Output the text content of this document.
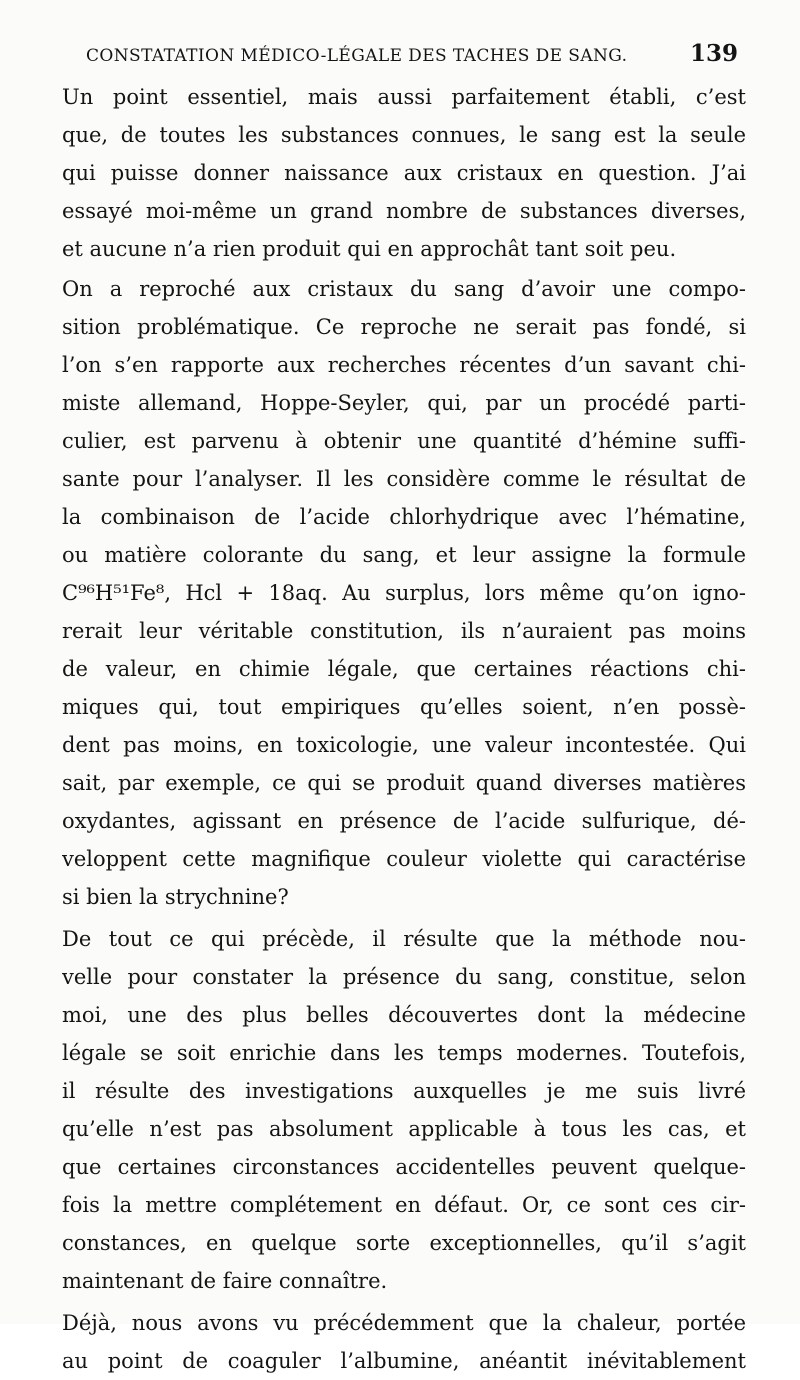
CONSTATATION MÉDICO-LÉGALE DES TACHES DE SANG.	139
Un point essentiel, mais aussi parfaitement établi, c’est
que, de toutes les substances connues, le sang est la seule
qui puisse donner naissance aux cristaux en question. J’ai
essayé moi-même un grand nombre de substances diverses,
et aucune n’a rien produit qui en approchât tant soit peu.
On a reproché aux cristaux du sang d’avoir une compo-
sition problématique. Ce reproche ne serait pas fondé, si
l’on s’en rapporte aux recherches récentes d’un savant chi-
miste allemand, Hoppe-Seyler, qui, par un procédé parti-
culier, est parvenu à obtenir une quantité d’hémine suffi-
sante pour l’analyser. Il les considère comme le résultat de
la combinaison de l’acide chlorhydrique avec l’hématine,
ou matière colorante du sang, et leur assigne la formule
C⁹⁶H⁵¹Fe⁸, Hcl + 18aq. Au surplus, lors même qu’on igno-
rerait leur véritable constitution, ils n’auraient pas moins
de valeur, en chimie légale, que certaines réactions chi-
miques qui, tout empiriques qu’elles soient, n’en possè-
dent pas moins, en toxicologie, une valeur incontestée. Qui
sait, par exemple, ce qui se produit quand diverses matières
oxydantes, agissant en présence de l’acide sulfurique, dé-
veloppent cette magnifique couleur violette qui caractérise
si bien la strychnine?
De tout ce qui précède, il résulte que la méthode nou-
velle pour constater la présence du sang, constitue, selon
moi, une des plus belles découvertes dont la médecine
légale se soit enrichie dans les temps modernes. Toutefois,
il résulte des investigations auxquelles je me suis livré
qu’elle n’est pas absolument applicable à tous les cas, et
que certaines circonstances accidentelles peuvent quelque-
fois la mettre complétement en défaut. Or, ce sont ces cir-
constances, en quelque sorte exceptionnelles, qu’il s’agit
maintenant de faire connaître.
Déjà, nous avons vu précédemment que la chaleur, portée
au point de coaguler l’albumine, anéantit inévitablement
